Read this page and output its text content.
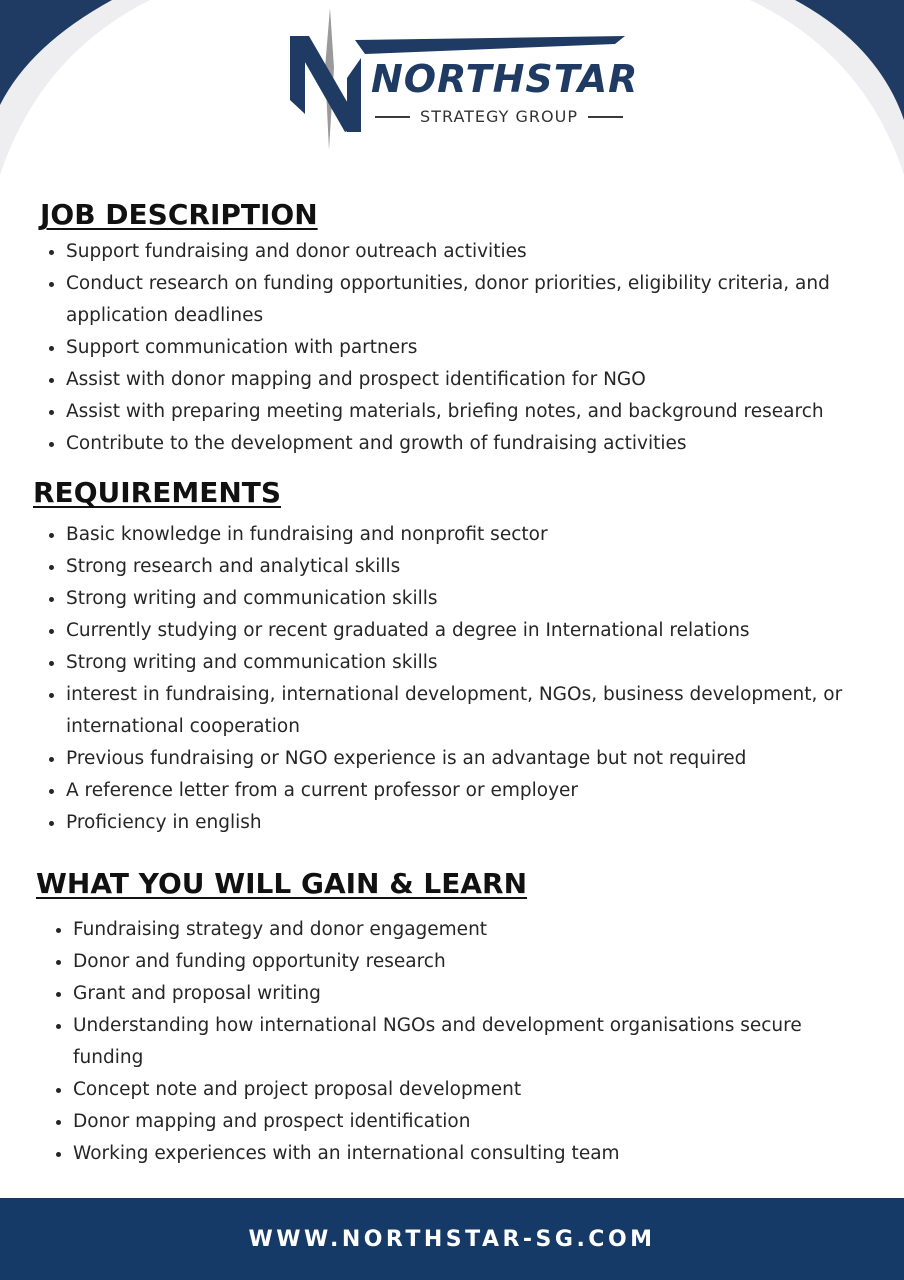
NORTHSTAR
STRATEGY GROUP
JOB DESCRIPTION
Support fundraising and donor outreach activities
Conduct research on funding opportunities, donor priorities, eligibility criteria, and application deadlines
Support communication with partners
Assist with donor mapping and prospect identification for NGO
Assist with preparing meeting materials, briefing notes, and background research
Contribute to the development and growth of fundraising activities
REQUIREMENTS
Basic knowledge in fundraising and nonprofit sector
Strong research and analytical skills
Strong writing and communication skills
Currently studying or recent graduated a degree in International relations
Strong writing and communication skills
interest in fundraising, international development, NGOs, business development, or international cooperation
Previous fundraising or NGO experience is an advantage but not required
A reference letter from a current professor or employer
Proficiency in english
WHAT YOU WILL GAIN & LEARN
Fundraising strategy and donor engagement
Donor and funding opportunity research
Grant and proposal writing
Understanding how international NGOs and development organisations secure funding
Concept note and project proposal development
Donor mapping and prospect identification
Working experiences with an international consulting team
WWW.NORTHSTAR-SG.COM
